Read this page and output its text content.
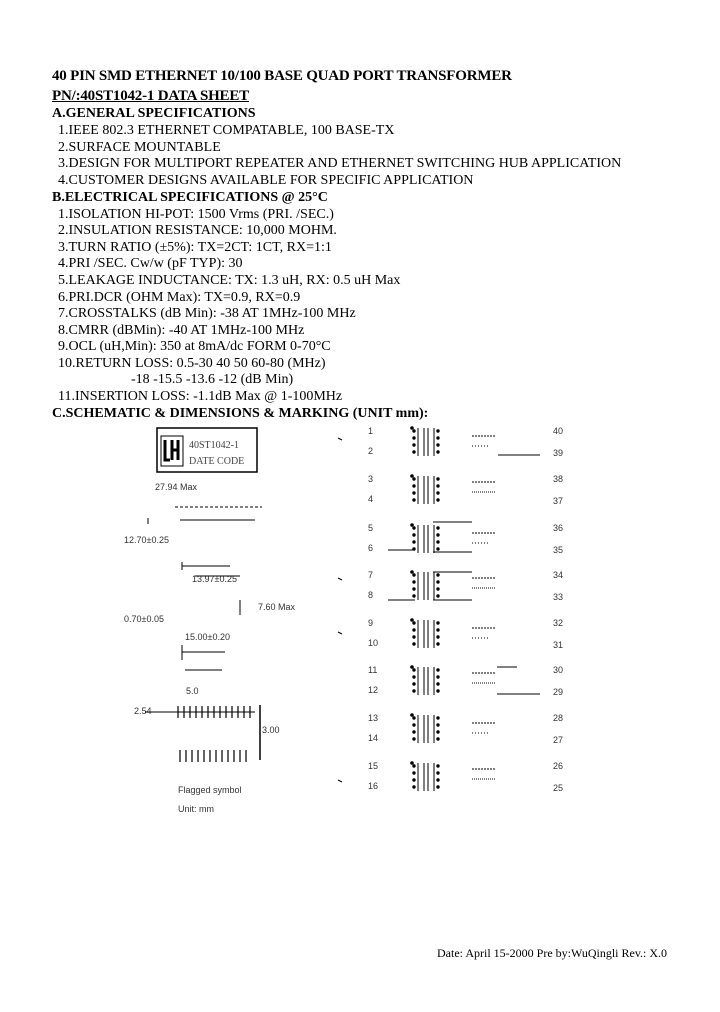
40 PIN SMD ETHERNET 10/100 BASE QUAD PORT TRANSFORMER
PN/:40ST1042-1 DATA SHEET
A.GENERAL SPECIFICATIONS
1.IEEE 802.3 ETHERNET COMPATABLE, 100 BASE-TX
2.SURFACE MOUNTABLE
3.DESIGN FOR MULTIPORT REPEATER AND ETHERNET SWITCHING HUB APPLICATION
4.CUSTOMER DESIGNS AVAILABLE FOR SPECIFIC APPLICATION
B.ELECTRICAL SPECIFICATIONS @ 25°C
1.ISOLATION HI-POT: 1500 Vrms (PRI. /SEC.)
2.INSULATION RESISTANCE: 10,000 MOHM.
3.TURN RATIO (±5%): TX=2CT: 1CT, RX=1:1
4.PRI /SEC. Cw/w (pF TYP): 30
5.LEAKAGE INDUCTANCE: TX: 1.3 uH, RX: 0.5 uH Max
6.PRI.DCR (OHM Max): TX=0.9, RX=0.9
7.CROSSTALKS (dB Min): -38 AT 1MHz-100 MHz
8.CMRR (dBMin): -40 AT 1MHz-100 MHz
9.OCL (uH,Min): 350 at 8mA/dc FORM 0-70°C
10.RETURN LOSS: 0.5-30 40 50 60-80 (MHz)
-18 -15.5 -13.6 -12 (dB Min)
11.INSERTION LOSS: -1.1dB Max @ 1-100MHz
C.SCHEMATIC & DIMENSIONS & MARKING (UNIT mm):
40ST1042-1
DATE CODE
27.94 Max
12.70±0.25
13.97±0.25
7.60 Max
0.70±0.05
15.00±0.20
2.54
3.00
5.0
Flagged symbol
Unit: mm
1
2
40
39
3
4
38
37
5
6
36
35
7
8
34
33
9
10
32
31
11
12
30
29
13
14
28
27
15
16
26
25
Date: April 15-2000 Pre by:WuQingli Rev.: X.0
